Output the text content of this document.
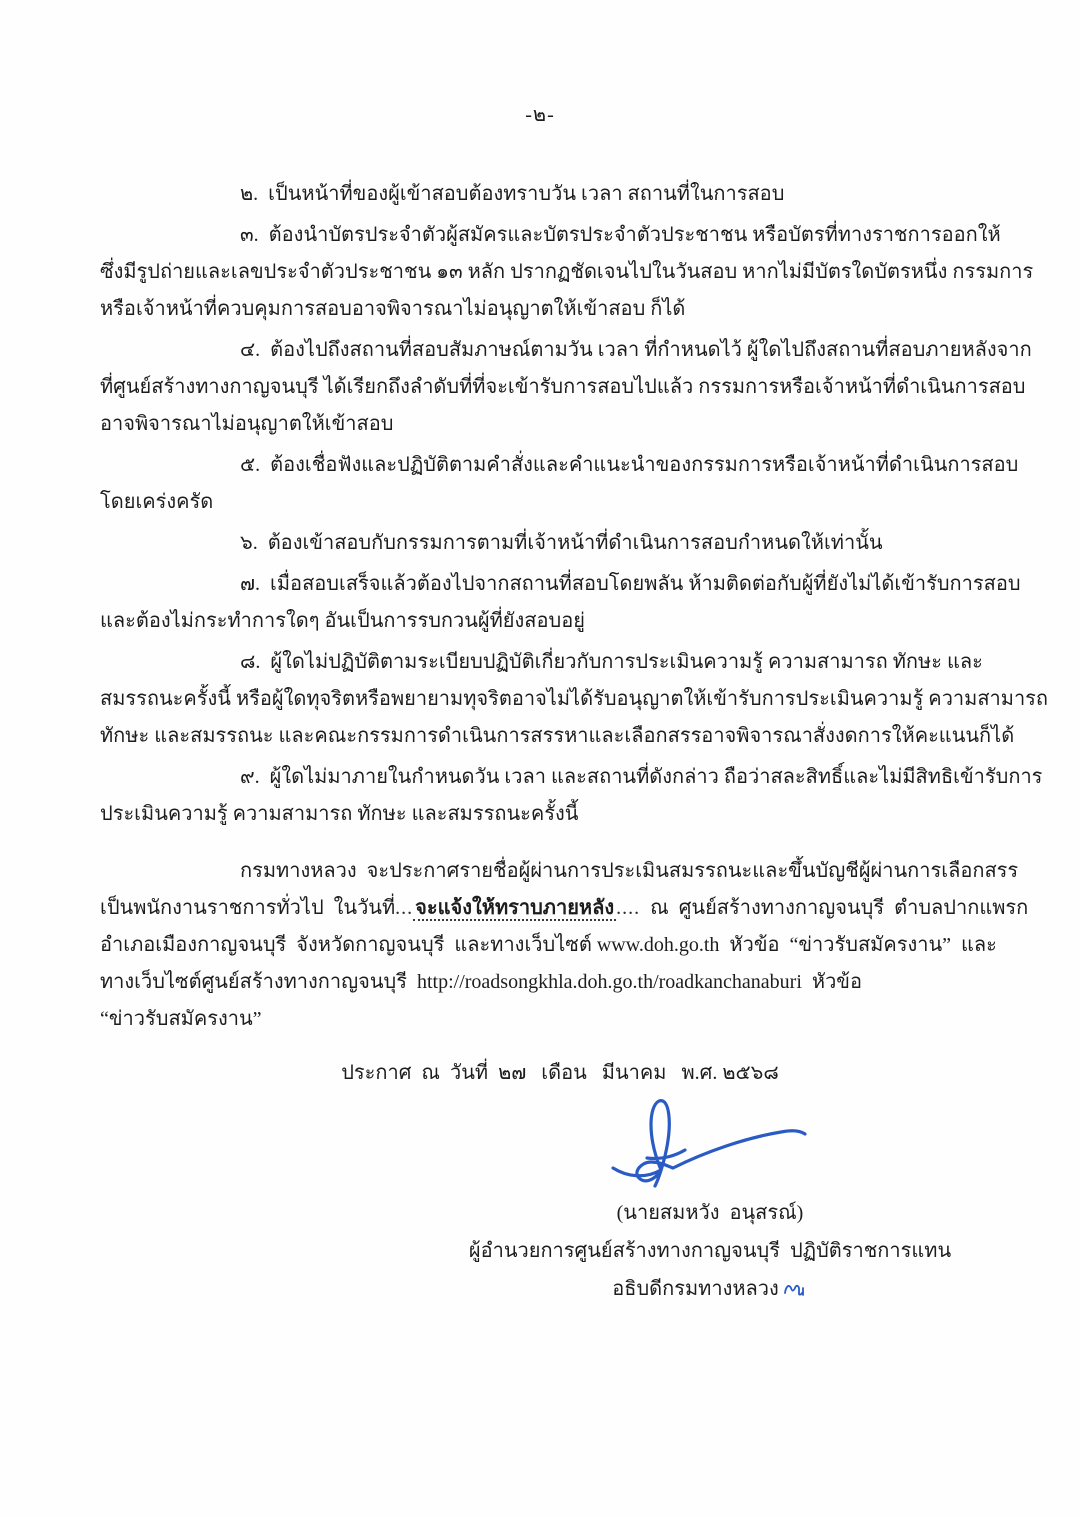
-๒-
๒.  เป็นหน้าที่ของผู้เข้าสอบต้องทราบวัน เวลา สถานที่ในการสอบ
๓.  ต้องนำบัตรประจำตัวผู้สมัครและบัตรประจำตัวประชาชน หรือบัตรที่ทางราชการออกให้
ซึ่งมีรูปถ่ายและเลขประจำตัวประชาชน ๑๓ หลัก ปรากฏชัดเจนไปในวันสอบ หากไม่มีบัตรใดบัตรหนึ่ง กรรมการ
หรือเจ้าหน้าที่ควบคุมการสอบอาจพิจารณาไม่อนุญาตให้เข้าสอบ ก็ได้
๔.  ต้องไปถึงสถานที่สอบสัมภาษณ์ตามวัน เวลา ที่กำหนดไว้ ผู้ใดไปถึงสถานที่สอบภายหลังจาก
ที่ศูนย์สร้างทางกาญจนบุรี ได้เรียกถึงลำดับที่ที่จะเข้ารับการสอบไปแล้ว กรรมการหรือเจ้าหน้าที่ดำเนินการสอบ
อาจพิจารณาไม่อนุญาตให้เข้าสอบ
๕.  ต้องเชื่อฟังและปฏิบัติตามคำสั่งและคำแนะนำของกรรมการหรือเจ้าหน้าที่ดำเนินการสอบ
โดยเคร่งครัด
๖.  ต้องเข้าสอบกับกรรมการตามที่เจ้าหน้าที่ดำเนินการสอบกำหนดให้เท่านั้น
๗.  เมื่อสอบเสร็จแล้วต้องไปจากสถานที่สอบโดยพลัน ห้ามติดต่อกับผู้ที่ยังไม่ได้เข้ารับการสอบ
และต้องไม่กระทำการใดๆ อันเป็นการรบกวนผู้ที่ยังสอบอยู่
๘.  ผู้ใดไม่ปฏิบัติตามระเบียบปฏิบัติเกี่ยวกับการประเมินความรู้ ความสามารถ ทักษะ และ
สมรรถนะครั้งนี้ หรือผู้ใดทุจริตหรือพยายามทุจริตอาจไม่ได้รับอนุญาตให้เข้ารับการประเมินความรู้ ความสามารถ
ทักษะ และสมรรถนะ และคณะกรรมการดำเนินการสรรหาและเลือกสรรอาจพิจารณาสั่งงดการให้คะแนนก็ได้
๙.  ผู้ใดไม่มาภายในกำหนดวัน เวลา และสถานที่ดังกล่าว ถือว่าสละสิทธิ์และไม่มีสิทธิเข้ารับการ
ประเมินความรู้ ความสามารถ ทักษะ และสมรรถนะครั้งนี้
กรมทางหลวง  จะประกาศรายชื่อผู้ผ่านการประเมินสมรรถนะและขึ้นบัญชีผู้ผ่านการเลือกสรร
เป็นพนักงานราชการทั่วไป  ในวันที่... จะแจ้งให้ทราบภายหลัง ....  ณ  ศูนย์สร้างทางกาญจนบุรี  ตำบลปากแพรก
อำเภอเมืองกาญจนบุรี  จังหวัดกาญจนบุรี  และทางเว็บไซต์ www.doh.go.th  หัวข้อ  “ข่าวรับสมัครงาน”  และ
ทางเว็บไซต์ศูนย์สร้างทางกาญจนบุรี  http://roadsongkhla.doh.go.th/roadkanchanaburi  หัวข้อ
“ข่าวรับสมัครงาน”
ประกาศ  ณ  วันที่  ๒๗   เดือน   มีนาคม   พ.ศ. ๒๕๖๘
(นายสมหวัง  อนุสรณ์)
ผู้อำนวยการศูนย์สร้างทางกาญจนบุรี  ปฏิบัติราชการแทน
อธิบดีกรมทางหลวง
